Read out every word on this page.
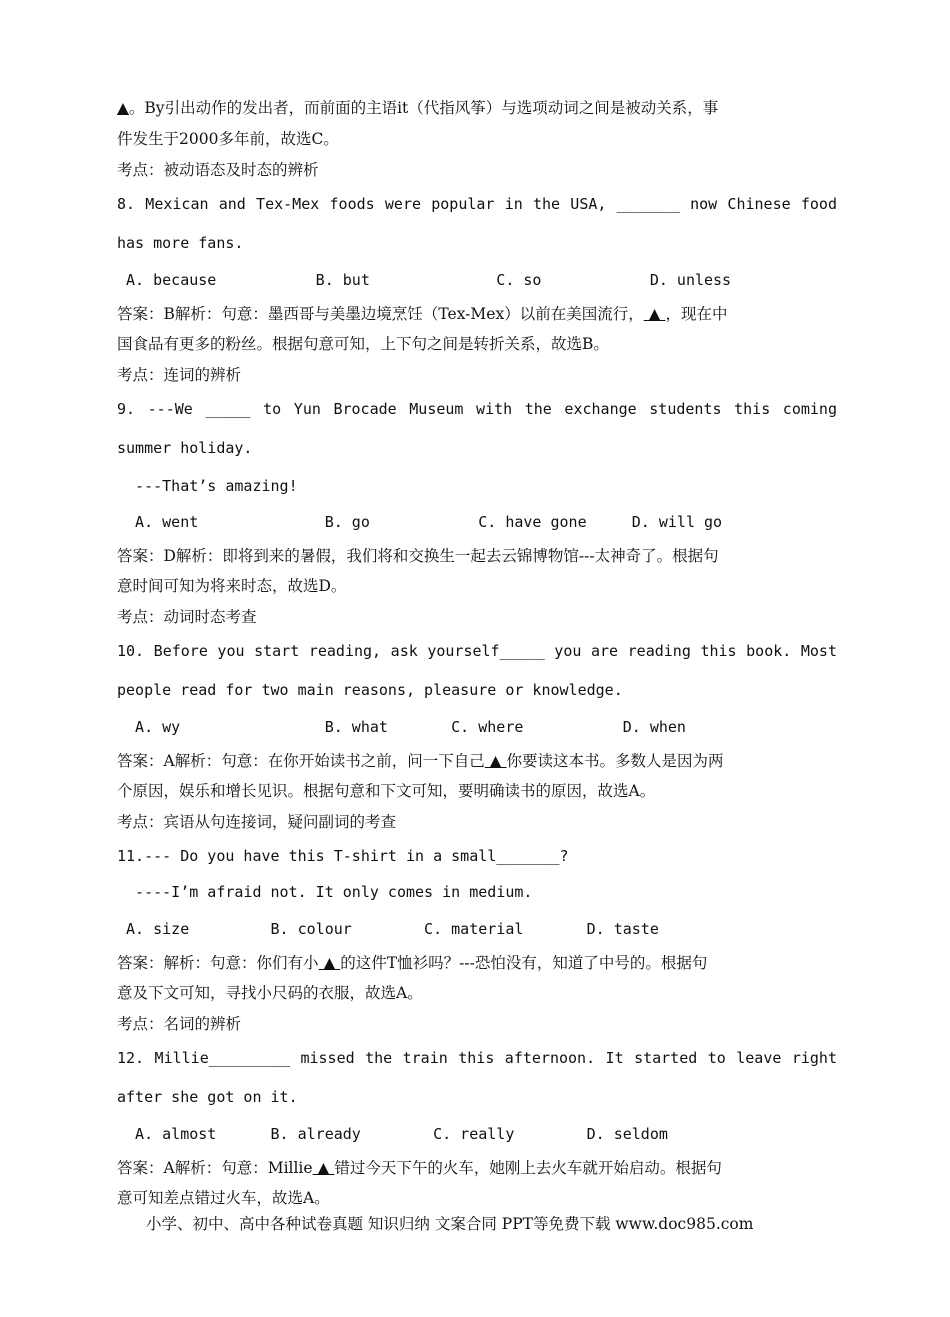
▲。By引出动作的发出者，而前面的主语it（代指风筝）与选项动词之间是被动关系，事
件发生于2000多年前，故选C。
考点：被动语态及时态的辨析
8. Mexican and Tex-Mex foods were popular in the USA, _______ now Chinese food
has more fans.
A. because           B. but              C. so            D. unless
答案：B解析：句意：墨西哥与美墨边境烹饪（Tex-Mex）以前在美国流行， ▲ ，现在中
国食品有更多的粉丝。根据句意可知，上下句之间是转折关系，故选B。
考点：连词的辨析
9. ---We _____ to Yun Brocade Museum with the exchange students this coming
summer holiday.
---That’s amazing!
A. went              B. go            C. have gone     D. will go
答案：D解析：即将到来的暑假，我们将和交换生一起去云锦博物馆---太神奇了。根据句
意时间可知为将来时态，故选D。
考点：动词时态考查
10. Before you start reading, ask yourself_____ you are reading this book. Most
people read for two main reasons, pleasure or knowledge.
A. wy                B. what       C. where           D. when
答案：A解析：句意：在你开始读书之前，问一下自己 ▲ 你要读这本书。多数人是因为两
个原因，娱乐和增长见识。根据句意和下文可知，要明确读书的原因，故选A。
考点：宾语从句连接词，疑问副词的考查
11.--- Do you have this T-shirt in a small_______?
----I’m afraid not. It only comes in medium.
A. size         B. colour        C. material       D. taste
答案：解析：句意：你们有小 ▲ 的这件T恤衫吗？---恐怕没有，知道了中号的。根据句
意及下文可知，寻找小尺码的衣服，故选A。
考点：名词的辨析
12. Millie_________ missed the train this afternoon. It started to leave right
after she got on it.
A. almost      B. already        C. really        D. seldom
答案：A解析：句意：Millie ▲ 错过今天下午的火车，她刚上去火车就开始启动。根据句
意可知差点错过火车，故选A。
小学、初中、高中各种试卷真题 知识归纳 文案合同 PPT等免费下载 www.doc985.com
